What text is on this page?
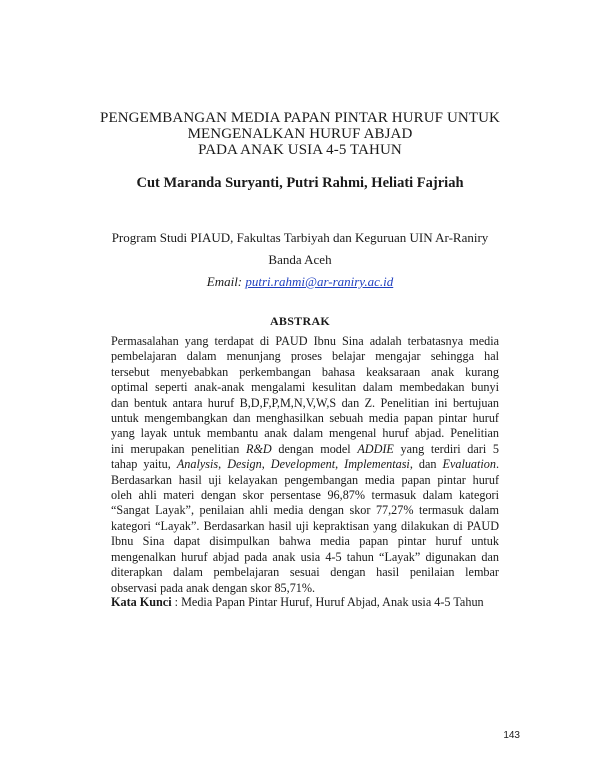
PENGEMBANGAN MEDIA PAPAN PINTAR HURUF UNTUK
MENGENALKAN HURUF ABJAD
PADA ANAK USIA 4-5 TAHUN
Cut Maranda Suryanti, Putri Rahmi, Heliati Fajriah
Program Studi PIAUD, Fakultas Tarbiyah dan Keguruan UIN Ar-Raniry
Banda Aceh
Email: putri.rahmi@ar-raniry.ac.id
ABSTRAK
Permasalahan yang terdapat di PAUD Ibnu Sina adalah terbatasnya media
pembelajaran dalam menunjang proses belajar mengajar sehingga hal
tersebut menyebabkan perkembangan bahasa keaksaraan anak kurang
optimal seperti anak-anak mengalami kesulitan dalam membedakan bunyi
dan bentuk antara huruf B,D,F,P,M,N,V,W,S dan Z. Penelitian ini bertujuan
untuk mengembangkan dan menghasilkan sebuah media papan pintar huruf
yang layak untuk membantu anak dalam mengenal huruf abjad. Penelitian
ini merupakan penelitian R&D dengan model ADDIE yang terdiri dari 5
tahap yaitu, Analysis, Design, Development, Implementasi, dan Evaluation.
Berdasarkan hasil uji kelayakan pengembangan media papan pintar huruf
oleh ahli materi dengan skor persentase 96,87% termasuk dalam kategori
“Sangat Layak”, penilaian ahli media dengan skor 77,27% termasuk dalam
kategori “Layak”. Berdasarkan hasil uji kepraktisan yang dilakukan di PAUD
Ibnu Sina dapat disimpulkan bahwa media papan pintar huruf untuk
mengenalkan huruf abjad pada anak usia 4-5 tahun “Layak” digunakan dan
diterapkan dalam pembelajaran sesuai dengan hasil penilaian lembar
observasi pada anak dengan skor 85,71%.
Kata Kunci : Media Papan Pintar Huruf, Huruf Abjad, Anak usia 4-5 Tahun
143
